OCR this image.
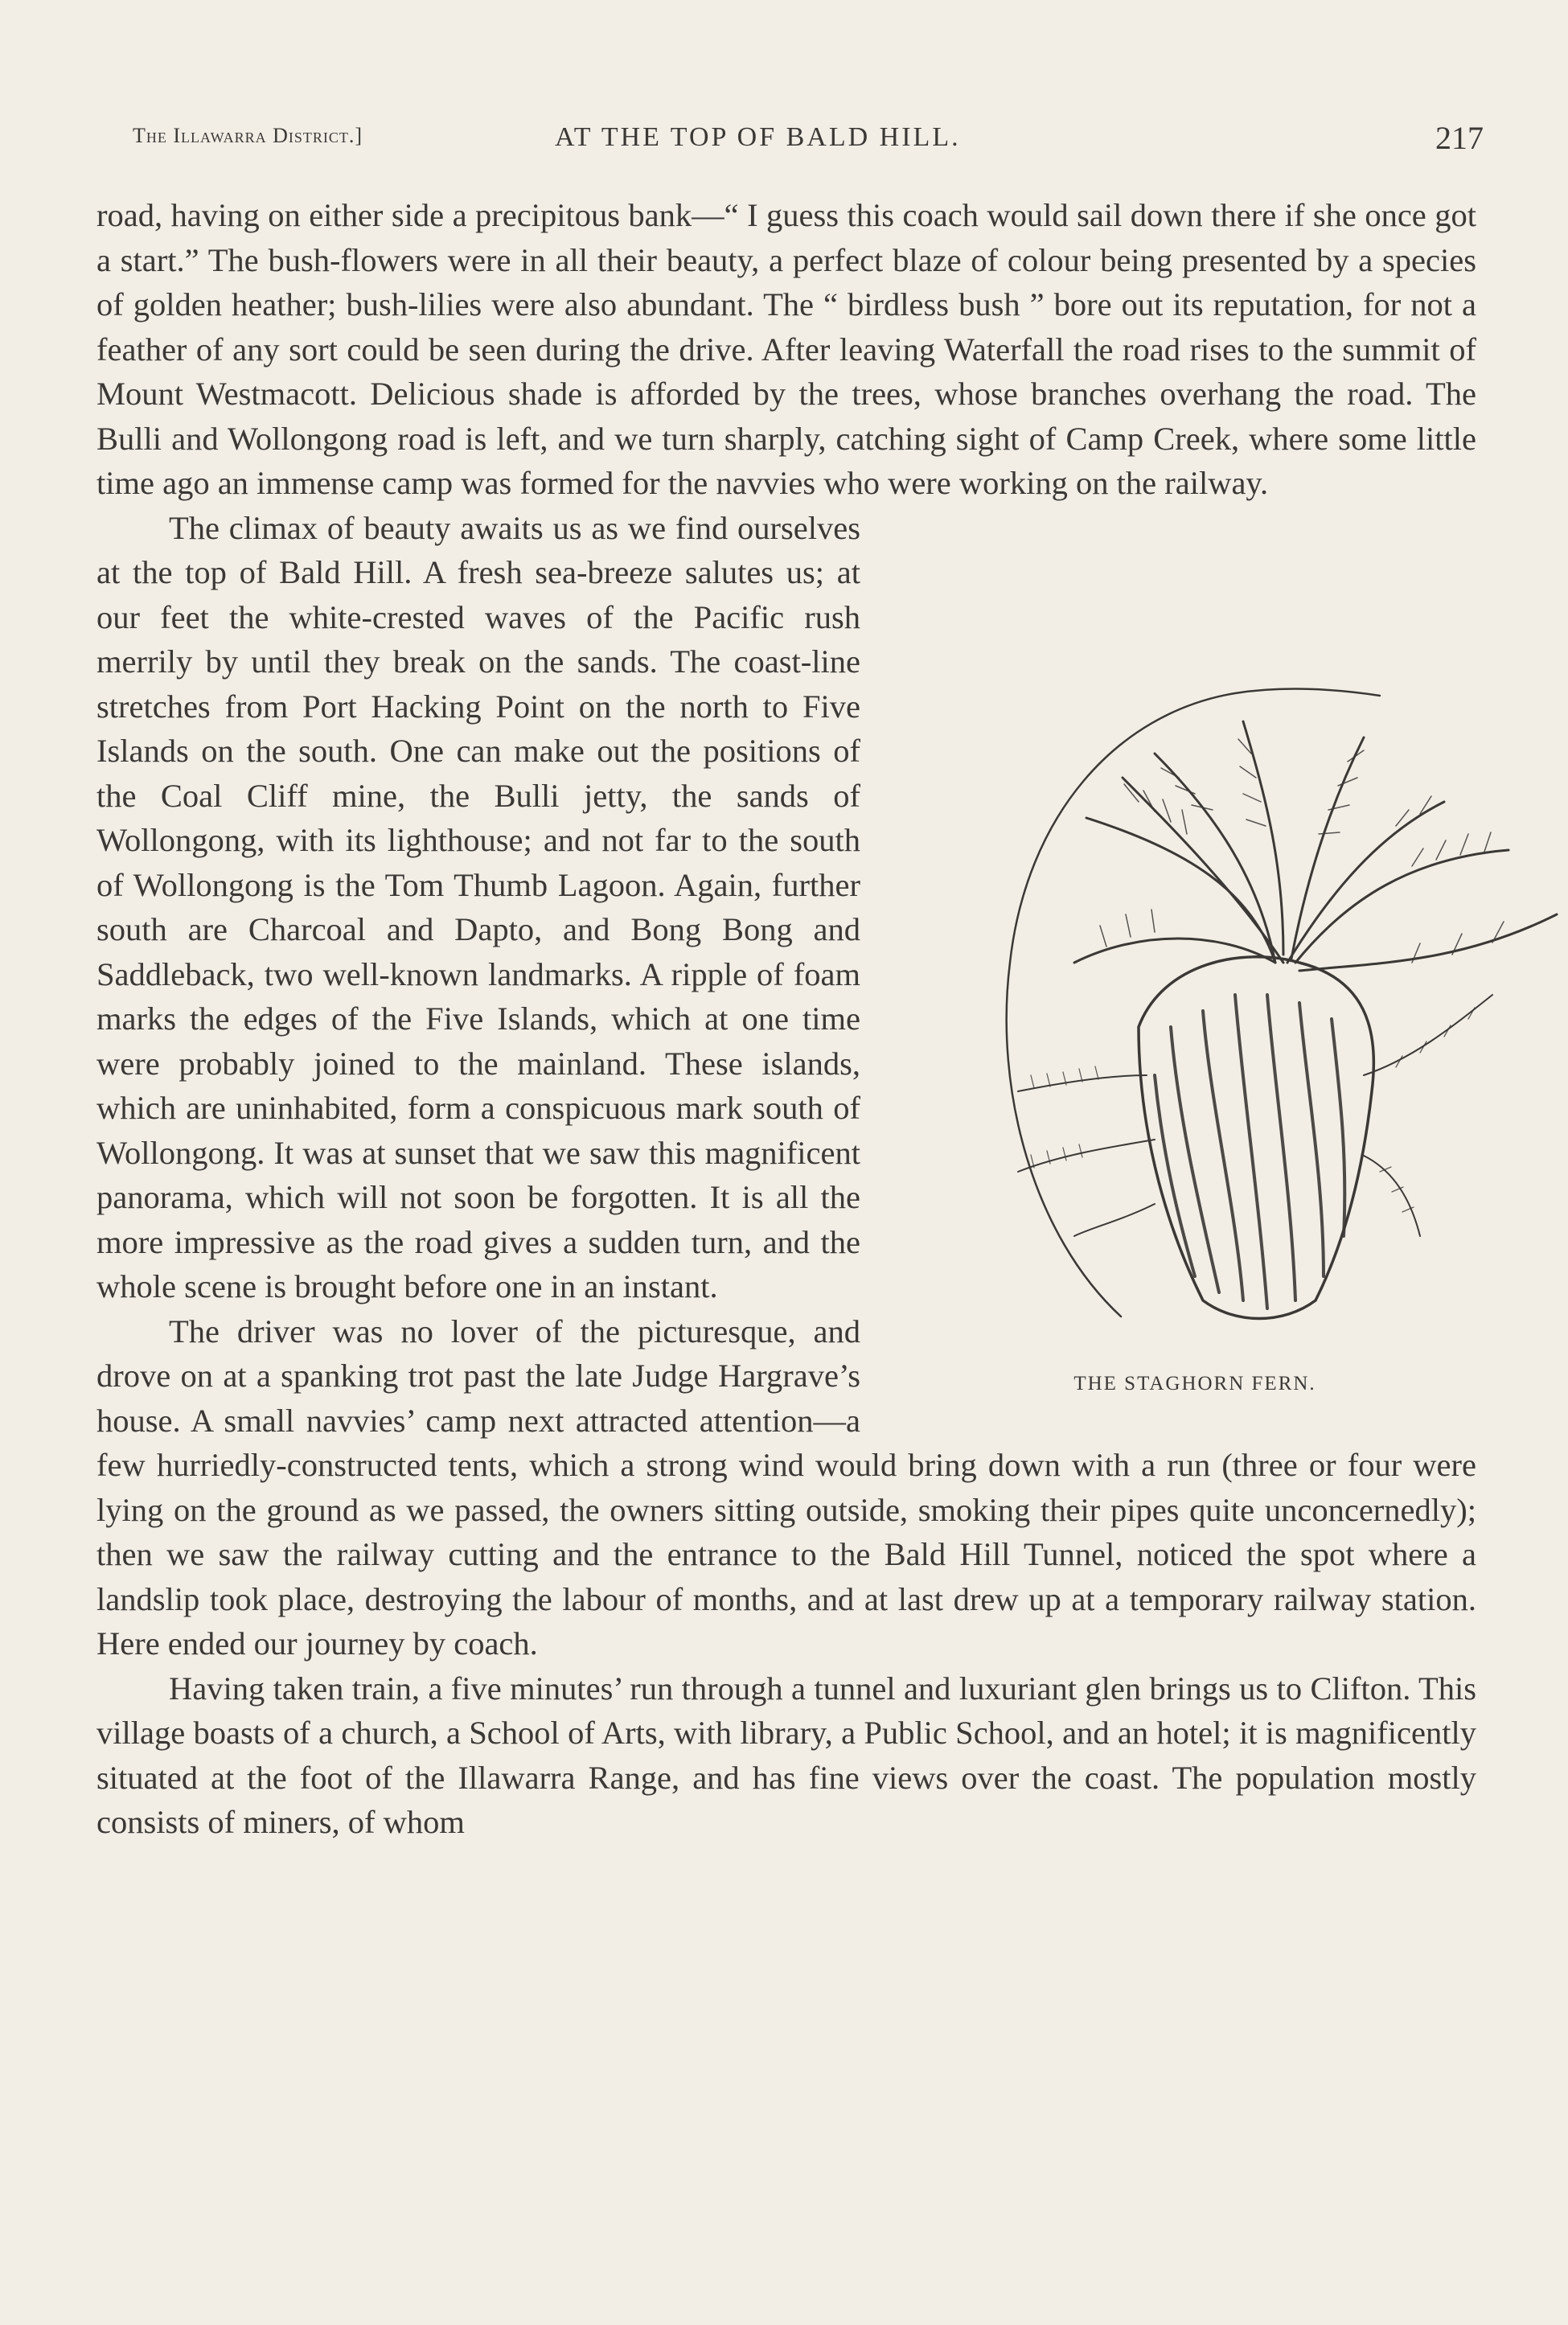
The Illawarra District.]	AT THE TOP OF BALD HILL.	217

road, having on either side a precipitous bank—“ I guess this coach would sail down there if she once got a start.” The bush-flowers were in all their beauty, a perfect blaze of colour being presented by a species of golden heather; bush-lilies were also abundant. The “ birdless bush ” bore out its reputation, for not a feather of any sort could be seen during the drive. After leaving Waterfall the road rises to the summit of Mount Westmacott. Delicious shade is afforded by the trees, whose branches overhang the road. The Bulli and Wollongong road is left, and we turn sharply, catching sight of Camp Creek, where some little time ago an immense camp was formed for the navvies who were working on the railway.

THE STAGHORN FERN.

The climax of beauty awaits us as we find ourselves at the top of Bald Hill. A fresh sea-breeze salutes us; at our feet the white-crested waves of the Pacific rush merrily by until they break on the sands. The coast-line stretches from Port Hacking Point on the north to Five Islands on the south. One can make out the positions of the Coal Cliff mine, the Bulli jetty, the sands of Wollongong, with its lighthouse; and not far to the south of Wollongong is the Tom Thumb Lagoon. Again, further south are Charcoal and Dapto, and Bong Bong and Saddleback, two well-known landmarks. A ripple of foam marks the edges of the Five Islands, which at one time were probably joined to the mainland. These islands, which are uninhabited, form a conspicuous mark south of Wollongong. It was at sunset that we saw this magnificent panorama, which will not soon be forgotten. It is all the more impressive as the road gives a sudden turn, and the whole scene is brought before one in an instant.

The driver was no lover of the picturesque, and drove on at a spanking trot past the late Judge Hargrave’s house. A small navvies’ camp next attracted attention—a few hurriedly-constructed tents, which a strong wind would bring down with a run (three or four were lying on the ground as we passed, the owners sitting outside, smoking their pipes quite unconcernedly); then we saw the railway cutting and the entrance to the Bald Hill Tunnel, noticed the spot where a landslip took place, destroying the labour of months, and at last drew up at a temporary railway station. Here ended our journey by coach.

Having taken train, a five minutes’ run through a tunnel and luxuriant glen brings us to Clifton. This village boasts of a church, a School of Arts, with library, a Public School, and an hotel; it is magnificently situated at the foot of the Illawarra Range, and has fine views over the coast. The population mostly consists of miners, of whom
